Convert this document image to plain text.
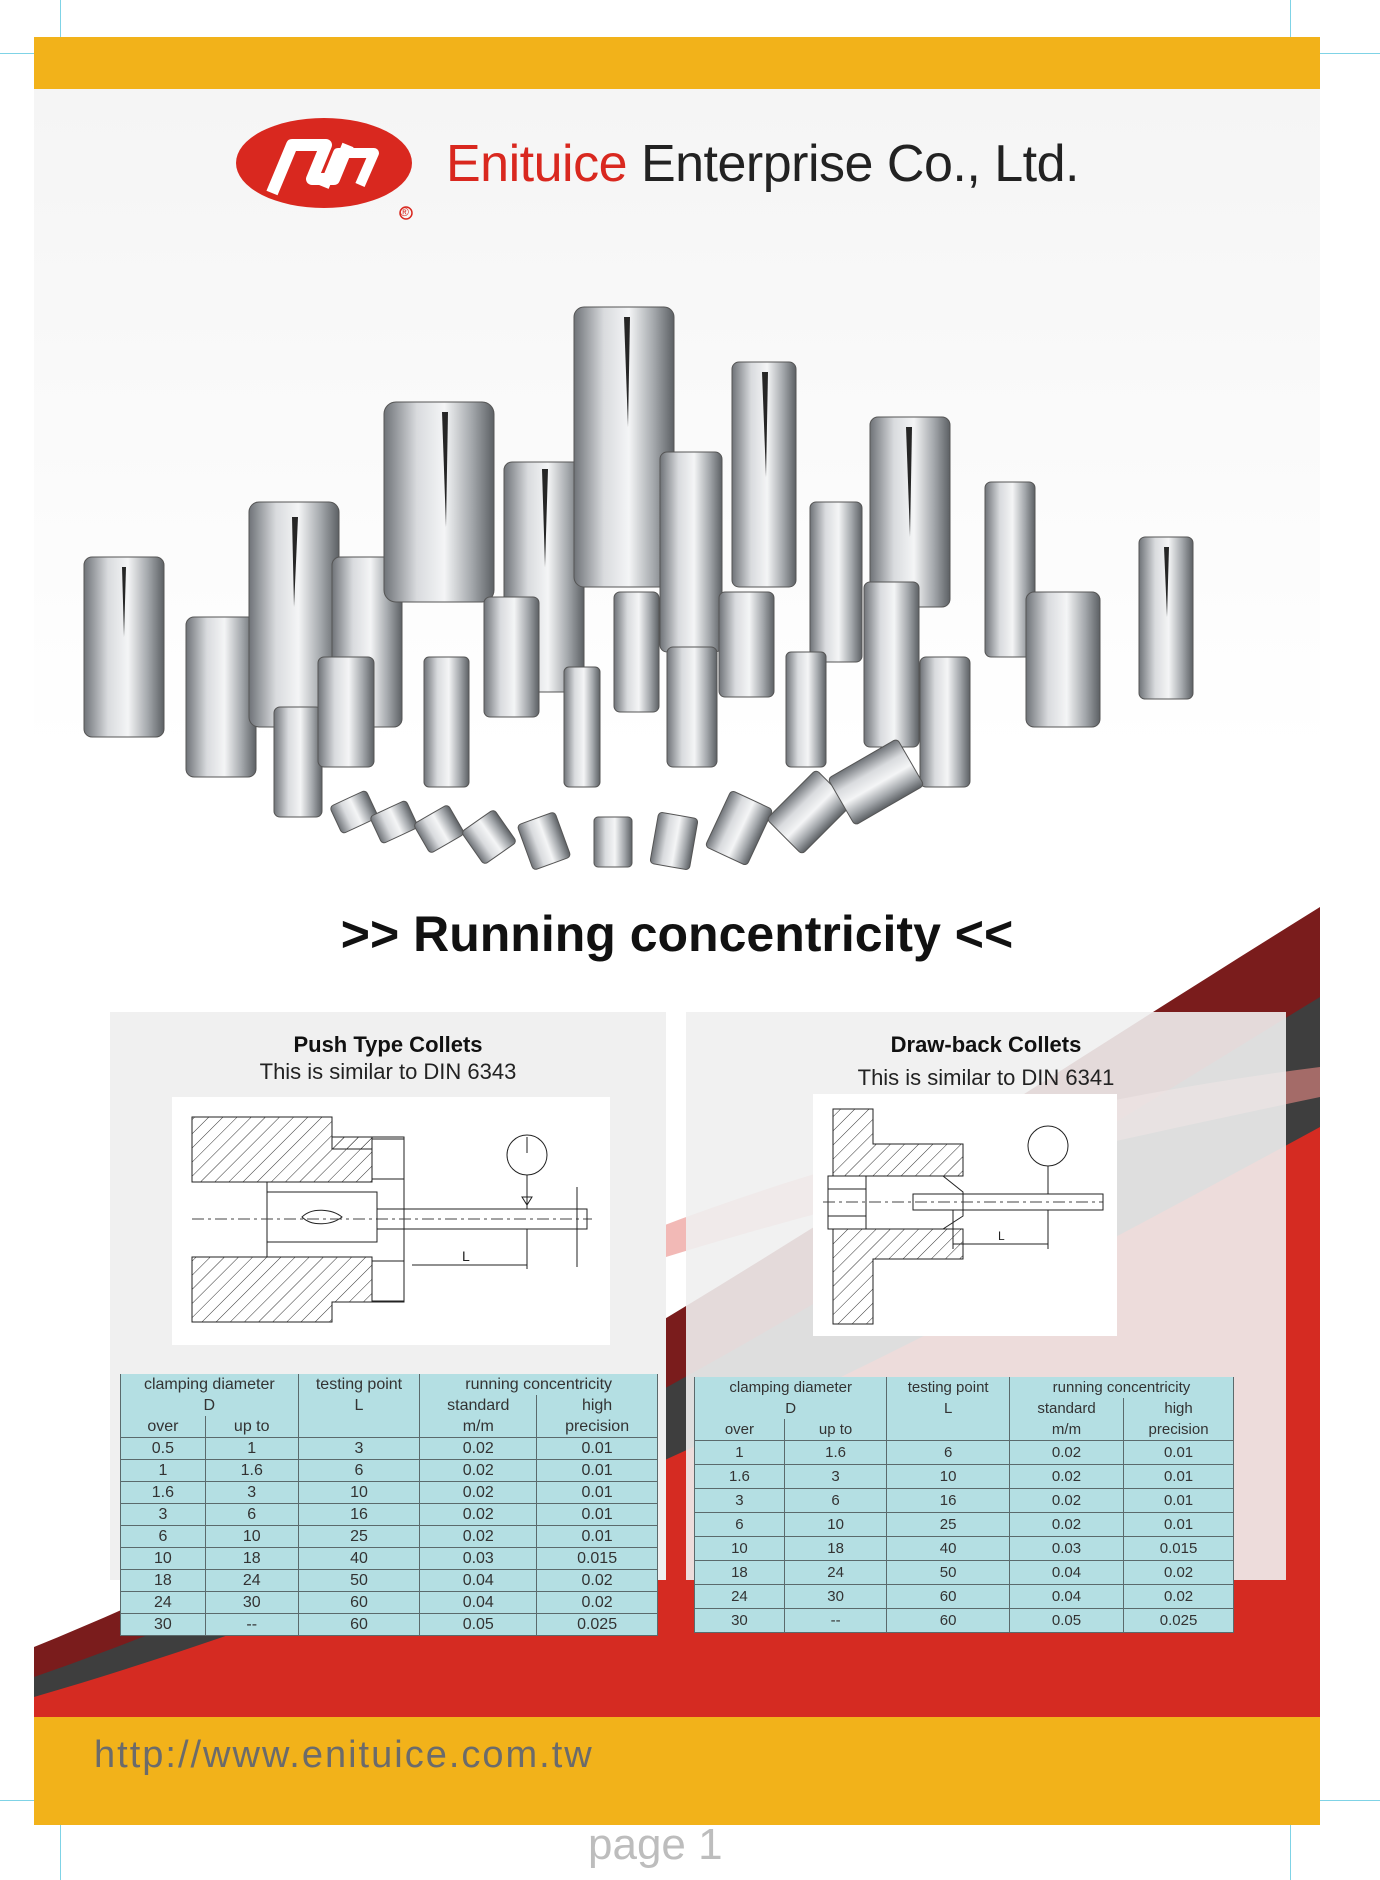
®
Enituice Enterprise Co., Ltd.
>> Running concentricity <<
Push Type Collets
This is similar to DIN 6343
L
clamping diameter		testing point	running concentricity	
D		L	standard	high
over	up to		m/m	precision
0.5	1	3	0.02	0.01
1	1.6	6	0.02	0.01
1.6	3	10	0.02	0.01
3	6	16	0.02	0.01
6	10	25	0.02	0.01
10	18	40	0.03	0.015
18	24	50	0.04	0.02
24	30	60	0.04	0.02
30	--	60	0.05	0.025
Draw-back Collets
This is similar to DIN 6341
L
clamping diameter		testing point	running concentricity	
D		L	standard	high
over	up to		m/m	precision
1	1.6	6	0.02	0.01
1.6	3	10	0.02	0.01
3	6	16	0.02	0.01
6	10	25	0.02	0.01
10	18	40	0.03	0.015
18	24	50	0.04	0.02
24	30	60	0.04	0.02
30	--	60	0.05	0.025
http://www.enituice.com.tw
page 1
